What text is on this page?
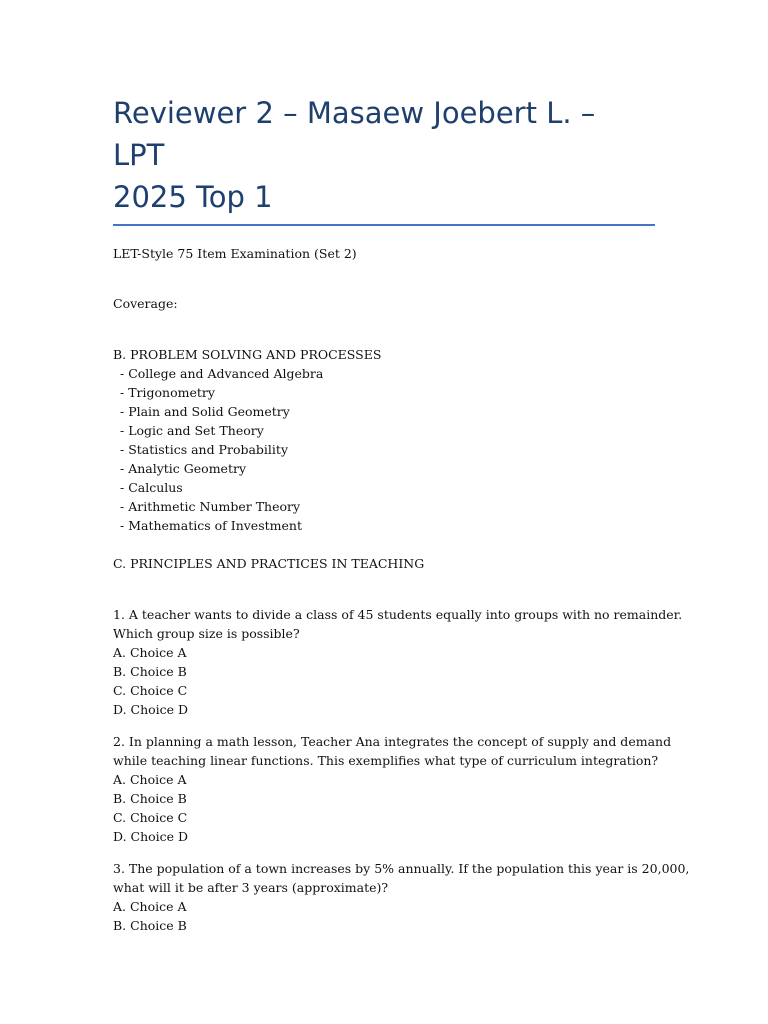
Reviewer 2 – Masaew Joebert L. – LPT
2025 Top 1
LET-Style 75 Item Examination (Set 2)
Coverage:
B. PROBLEM SOLVING AND PROCESSES
- College and Advanced Algebra
- Trigonometry
- Plain and Solid Geometry
- Logic and Set Theory
- Statistics and Probability
- Analytic Geometry
- Calculus
- Arithmetic Number Theory
- Mathematics of Investment
C. PRINCIPLES AND PRACTICES IN TEACHING
1. A teacher wants to divide a class of 45 students equally into groups with no remainder.
Which group size is possible?
A. Choice A
B. Choice B
C. Choice C
D. Choice D
2. In planning a math lesson, Teacher Ana integrates the concept of supply and demand
while teaching linear functions. This exemplifies what type of curriculum integration?
A. Choice A
B. Choice B
C. Choice C
D. Choice D
3. The population of a town increases by 5% annually. If the population this year is 20,000,
what will it be after 3 years (approximate)?
A. Choice A
B. Choice B
